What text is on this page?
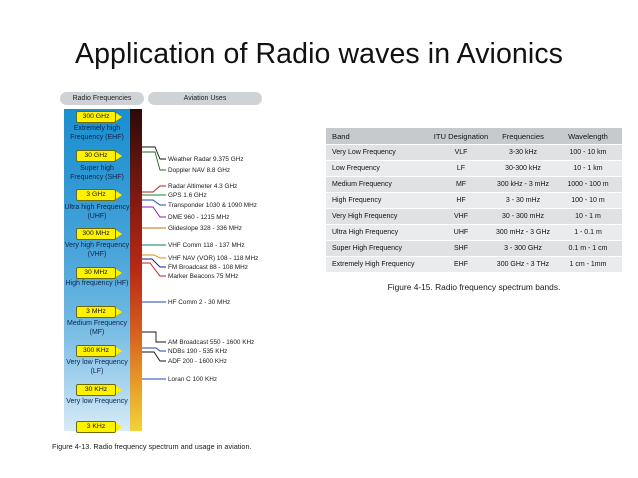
Application of Radio waves in Avionics
Radio Frequencies	Aviation Uses
Extremely high Frequency (EHF)
Super high Frequency (SHF)
Ultra high Frequency (UHF)
Very high Frequency (VHF)
High frequency (HF)
Medium Frequency (MF)
Very low Frequency (LF)
Very low Frequency
300 GHz
30 GHz
3 GHz
300 MHz
30 MHz
3 MHz
300 KHz
30 KHz
3 KHz
Weather Radar 9.375 GHz
Doppler NAV 8.8 GHz
Radar Altimeter 4.3 GHz
GPS 1.6 GHz
Transponder 1030 & 1090 MHz
DME 960 - 1215 MHz
Glideslope 328 - 336 MHz
VHF Comm 118 - 137 MHz
VHF NAV (VOR) 108 - 118 MHz
FM Broadcast 88 - 108 MHz
Marker Beacons 75 MHz
HF Comm 2 - 30 MHz
AM Broadcast 550 - 1600 KHz
NDBs 190 - 535 KHz
ADF 200 - 1600 KHz
Loran C 100 KHz
Figure 4-13. Radio frequency spectrum and usage in aviation.
Band	ITU Designation	Frequencies	Wavelength
Very Low Frequency	VLF	3-30 kHz	100 - 10 km
Low Frequency	LF	30-300 kHz	10 - 1 km
Medium Frequency	MF	300 kHz - 3 mHz	1000 - 100 m
High Frequency	HF	3 - 30 mHz	100 - 10 m
Very High Frequency	VHF	30 - 300 mHz	10 - 1 m
Ultra High Frequency	UHF	300 mHz - 3 GHz	1 - 0.1 m
Super High Frequency	SHF	3 - 300 GHz	0.1 m - 1 cm
Extremely High Frequency	EHF	300 GHz - 3 THz	1 cm - 1mm
Figure 4-15. Radio frequency spectrum bands.
